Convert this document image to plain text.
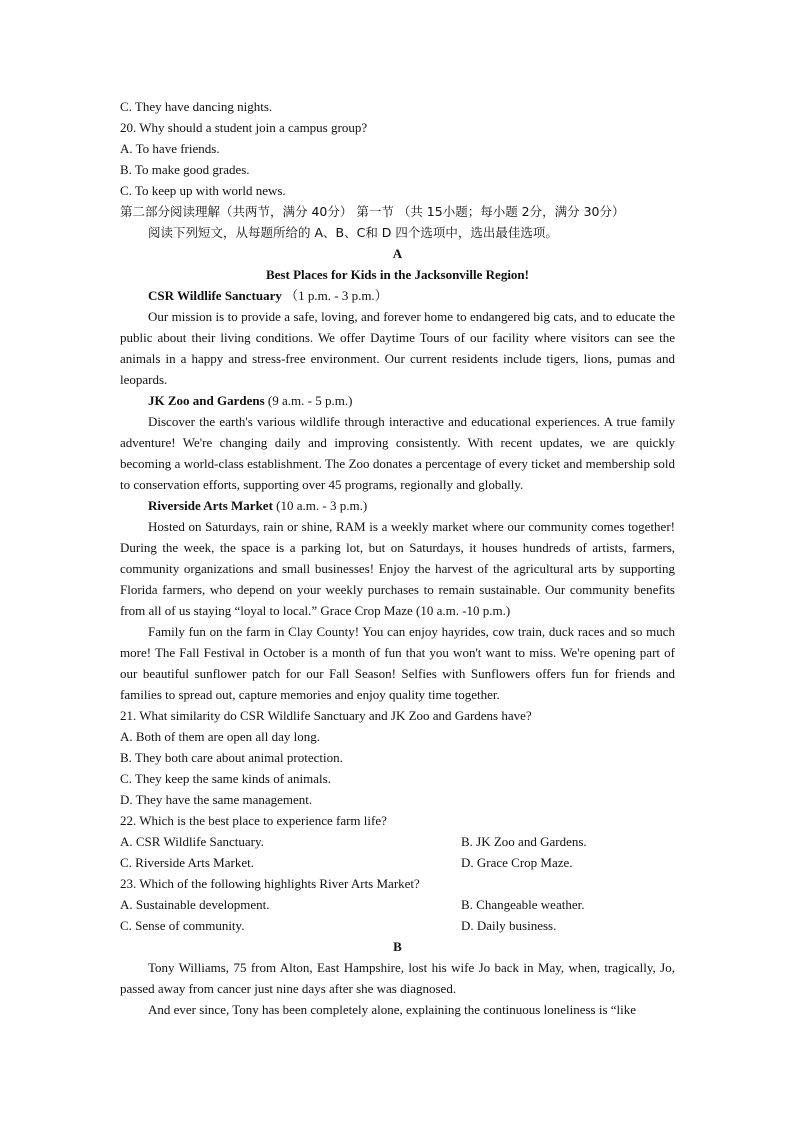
C. They have dancing nights.
20. Why should a student join a campus group?
A. To have friends.
B. To make good grades.
C. To keep up with world news.
第二部分阅读理解（共两节，满分 40分） 第一节 （共 15小题；每小题 2分，满分 30分）
阅读下列短文，从每题所给的 A、B、C和 D 四个选项中，选出最佳选项。
A
Best Places for Kids in the Jacksonville Region!
CSR Wildlife Sanctuary （1 p.m. - 3 p.m.）
Our mission is to provide a safe, loving, and forever home to endangered big cats, and to educate the public about their living conditions. We offer Daytime Tours of our facility where visitors can see the animals in a happy and stress-free environment. Our current residents include tigers, lions, pumas and leopards.
JK Zoo and Gardens (9 a.m. - 5 p.m.)
Discover the earth's various wildlife through interactive and educational experiences. A true family adventure! We're changing daily and improving consistently. With recent updates, we are quickly becoming a world-class establishment. The Zoo donates a percentage of every ticket and membership sold to conservation efforts, supporting over 45 programs, regionally and globally.
Riverside Arts Market (10 a.m. - 3 p.m.)
Hosted on Saturdays, rain or shine, RAM is a weekly market where our community comes together! During the week, the space is a parking lot, but on Saturdays, it houses hundreds of artists, farmers, community organizations and small businesses! Enjoy the harvest of the agricultural arts by supporting Florida farmers, who depend on your weekly purchases to remain sustainable. Our community benefits from all of us staying “loyal to local.” Grace Crop Maze (10 a.m. -10 p.m.)
Family fun on the farm in Clay County! You can enjoy hayrides, cow train, duck races and so much more! The Fall Festival in October is a month of fun that you won't want to miss. We're opening part of our beautiful sunflower patch for our Fall Season! Selfies with Sunflowers offers fun for friends and families to spread out, capture memories and enjoy quality time together.
21. What similarity do CSR Wildlife Sanctuary and JK Zoo and Gardens have?
A. Both of them are open all day long.
B. They both care about animal protection.
C. They keep the same kinds of animals.
D. They have the same management.
22. Which is the best place to experience farm life?
A. CSR Wildlife Sanctuary.	B. JK Zoo and Gardens.
C. Riverside Arts Market.	D. Grace Crop Maze.
23. Which of the following highlights River Arts Market?
A. Sustainable development.	B. Changeable weather.
C. Sense of community.	D. Daily business.
B
Tony Williams, 75 from Alton, East Hampshire, lost his wife Jo back in May, when, tragically, Jo, passed away from cancer just nine days after she was diagnosed.
And ever since, Tony has been completely alone, explaining the continuous loneliness is “like
